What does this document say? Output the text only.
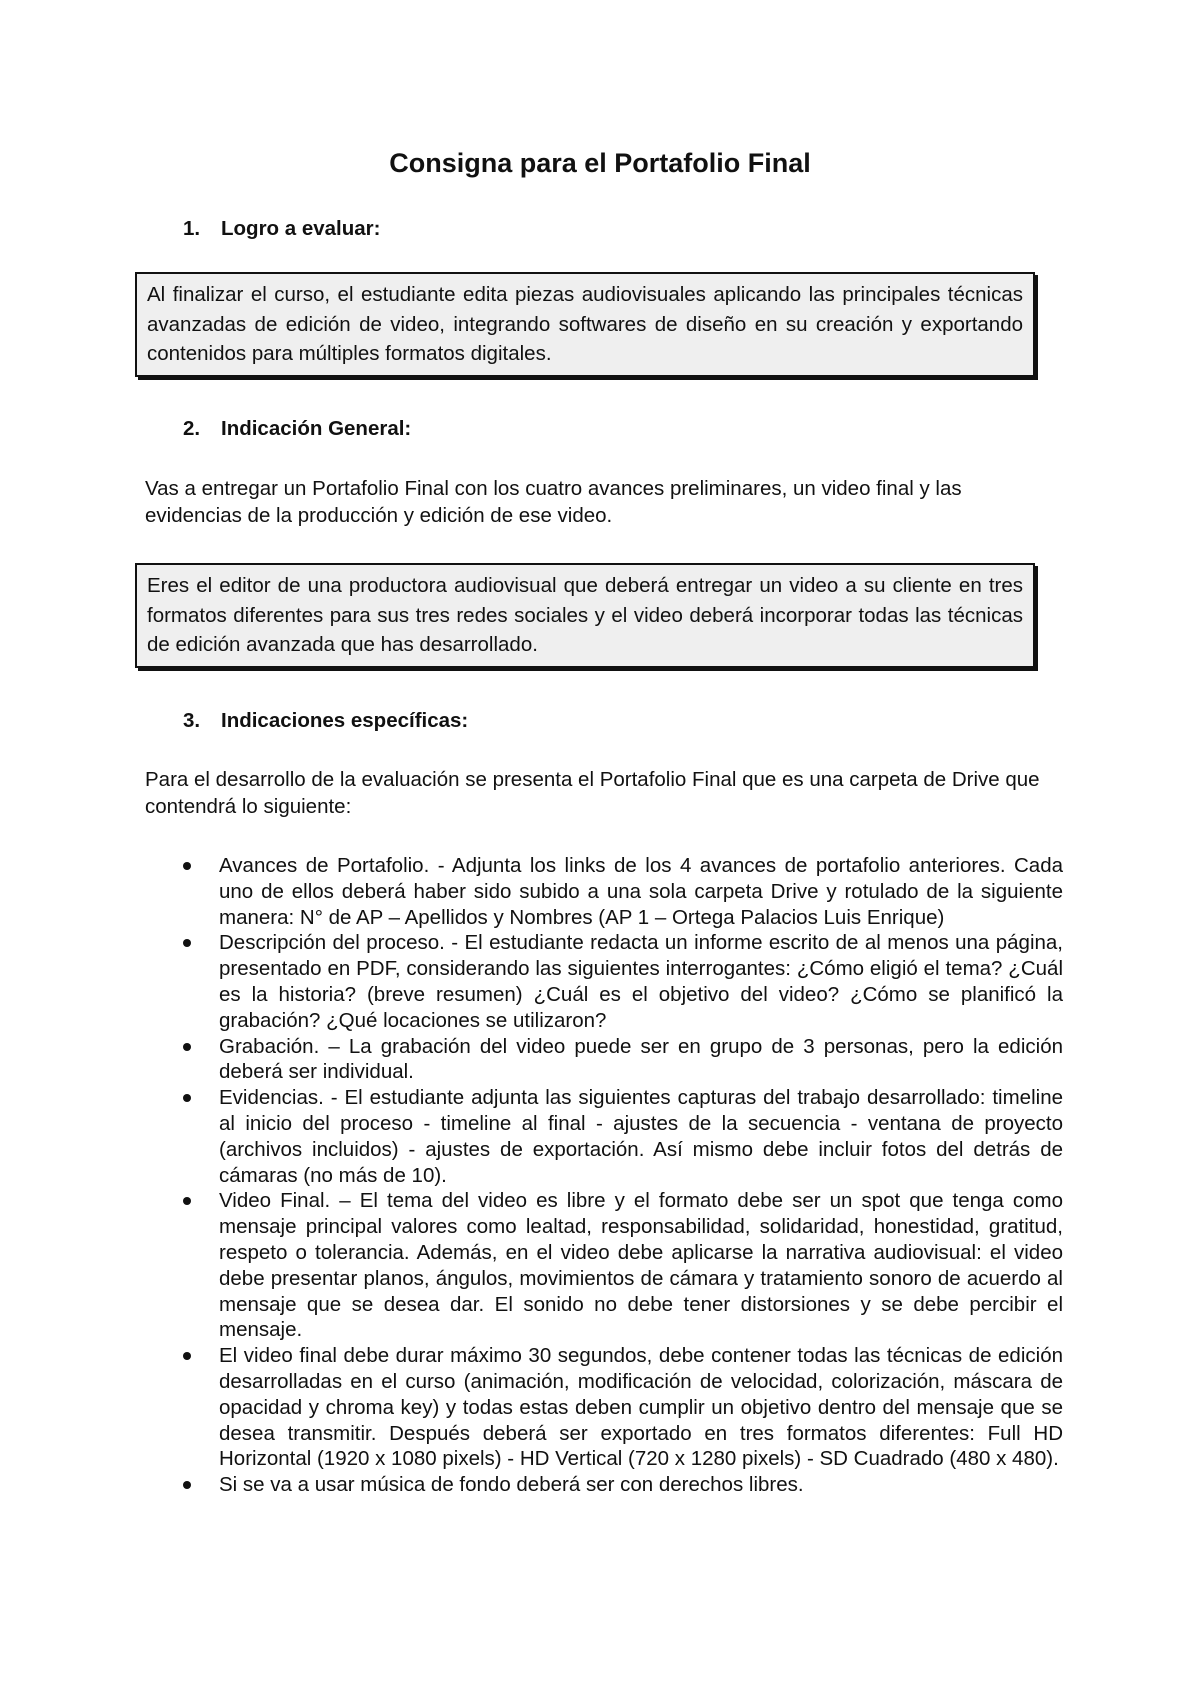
Consigna para el Portafolio Final
1. Logro a evaluar:
Al finalizar el curso, el estudiante edita piezas audiovisuales aplicando las principales técnicas avanzadas de edición de video, integrando softwares de diseño en su creación y exportando contenidos para múltiples formatos digitales.
2. Indicación General:
Vas a entregar un Portafolio Final con los cuatro avances preliminares, un video final y las evidencias de la producción y edición de ese video.
Eres el editor de una productora audiovisual que deberá entregar un video a su cliente en tres formatos diferentes para sus tres redes sociales y el video deberá incorporar todas las técnicas de edición avanzada que has desarrollado.
3. Indicaciones específicas:
Para el desarrollo de la evaluación se presenta el Portafolio Final que es una carpeta de Drive que contendrá lo siguiente:
Avances de Portafolio. - Adjunta los links de los 4 avances de portafolio anteriores. Cada uno de ellos deberá haber sido subido a una sola carpeta Drive y rotulado de la siguiente manera: N° de AP – Apellidos y Nombres (AP 1 – Ortega Palacios Luis Enrique)
Descripción del proceso. - El estudiante redacta un informe escrito de al menos una página, presentado en PDF, considerando las siguientes interrogantes: ¿Cómo eligió el tema? ¿Cuál es la historia? (breve resumen) ¿Cuál es el objetivo del video? ¿Cómo se planificó la grabación? ¿Qué locaciones se utilizaron?
Grabación. – La grabación del video puede ser en grupo de 3 personas, pero la edición deberá ser individual.
Evidencias. - El estudiante adjunta las siguientes capturas del trabajo desarrollado: timeline al inicio del proceso - timeline al final - ajustes de la secuencia - ventana de proyecto (archivos incluidos) - ajustes de exportación. Así mismo debe incluir fotos del detrás de cámaras (no más de 10).
Video Final. – El tema del video es libre y el formato debe ser un spot que tenga como mensaje principal valores como lealtad, responsabilidad, solidaridad, honestidad, gratitud, respeto o tolerancia. Además, en el video debe aplicarse la narrativa audiovisual: el video debe presentar planos, ángulos, movimientos de cámara y tratamiento sonoro de acuerdo al mensaje que se desea dar. El sonido no debe tener distorsiones y se debe percibir el mensaje.
El video final debe durar máximo 30 segundos, debe contener todas las técnicas de edición desarrolladas en el curso (animación, modificación de velocidad, colorización, máscara de opacidad y chroma key) y todas estas deben cumplir un objetivo dentro del mensaje que se desea transmitir. Después deberá ser exportado en tres formatos diferentes: Full HD Horizontal (1920 x 1080 pixels) - HD Vertical (720 x 1280 pixels) - SD Cuadrado (480 x 480).
Si se va a usar música de fondo deberá ser con derechos libres.
